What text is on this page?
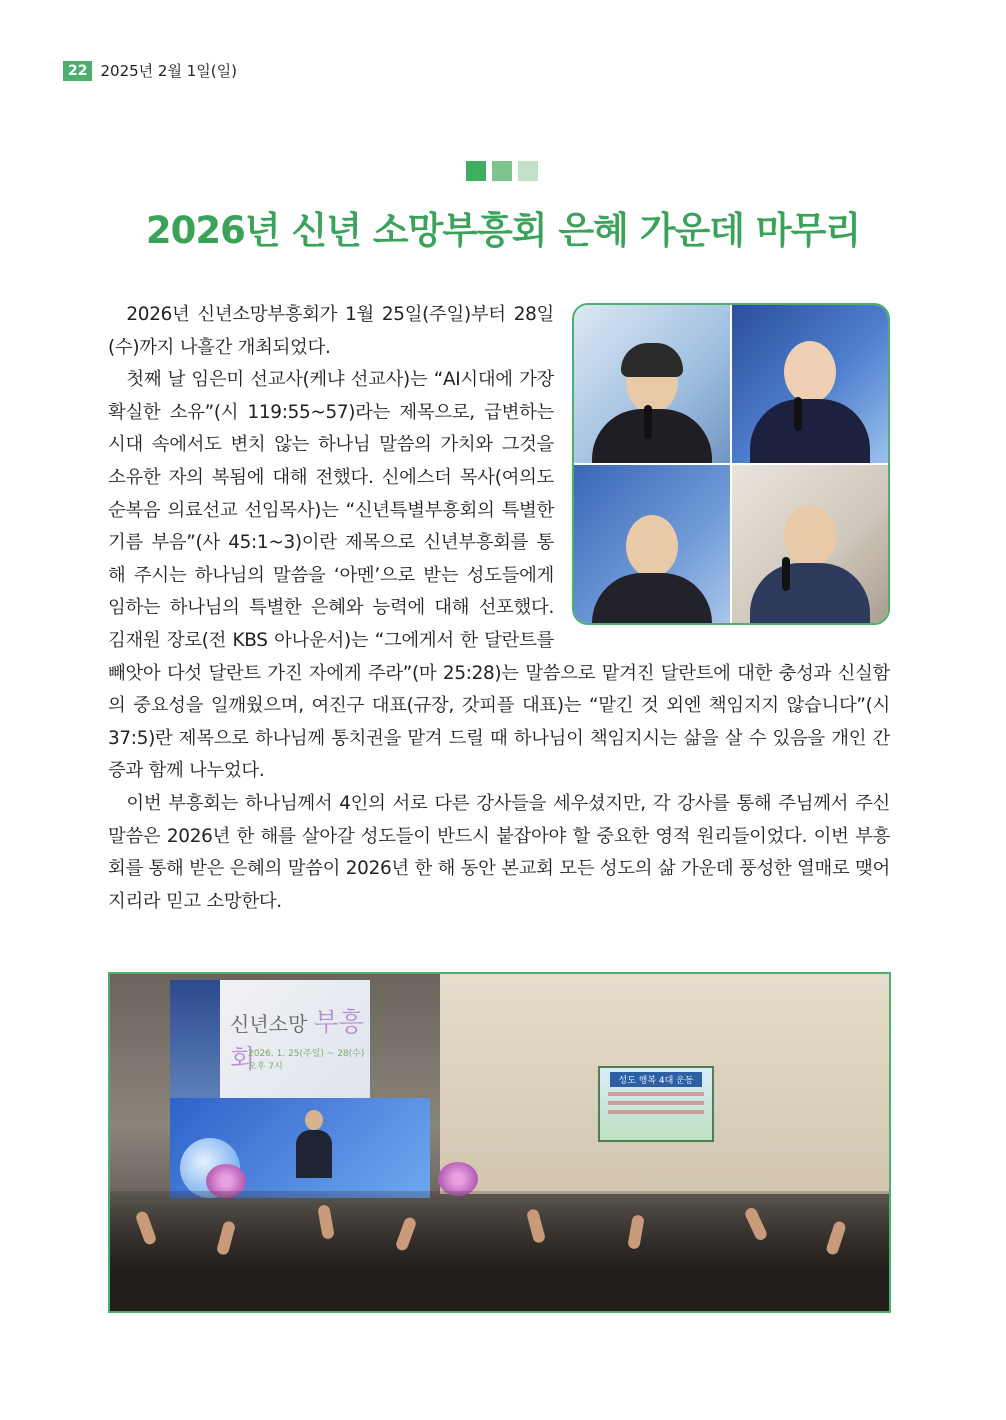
22 2025년 2월 1일(일)
2026년 신년 소망부흥회 은혜 가운데 마무리

2026년 신년소망부흥회가 1월 25일(주일)부터 28일(수)까지 나흘간 개최되었다.

첫째 날 임은미 선교사(케냐 선교사)는 “AI시대에 가장 확실한 소유”(시 119:55~57)라는 제목으로, 급변하는 시대 속에서도 변치 않는 하나님 말씀의 가치와 그것을 소유한 자의 복됨에 대해 전했다. 신에스더 목사(여의도순복음 의료선교 선임목사)는 “신년특별부흥회의 특별한 기름 부음”(사 45:1~3)이란 제목으로 신년부흥회를 통해 주시는 하나님의 말씀을 ‘아멘’으로 받는 성도들에게 임하는 하나님의 특별한 은혜와 능력에 대해 선포했다. 김재원 장로(전 KBS 아나운서)는 “그에게서 한 달란트를 빼앗아 다섯 달란트 가진 자에게 주라”(마 25:28)는 말씀으로 맡겨진 달란트에 대한 충성과 신실함의 중요성을 일깨웠으며, 여진구 대표(규장, 갓피플 대표)는 “맡긴 것 외엔 책임지지 않습니다”(시 37:5)란 제목으로 하나님께 통치권을 맡겨 드릴 때 하나님이 책임지시는 삶을 살 수 있음을 개인 간증과 함께 나누었다.

이번 부흥회는 하나님께서 4인의 서로 다른 강사들을 세우셨지만, 각 강사를 통해 주님께서 주신 말씀은 2026년 한 해를 살아갈 성도들이 반드시 붙잡아야 할 중요한 영적 원리들이었다. 이번 부흥회를 통해 받은 은혜의 말씀이 2026년 한 해 동안 본교회 모든 성도의 삶 가운데 풍성한 열매로 맺어지리라 믿고 소망한다.

신년소망 부흥회
2026. 1. 25(주일) ~ 28(수) 오후 7시
성도 행복 4대 운동
